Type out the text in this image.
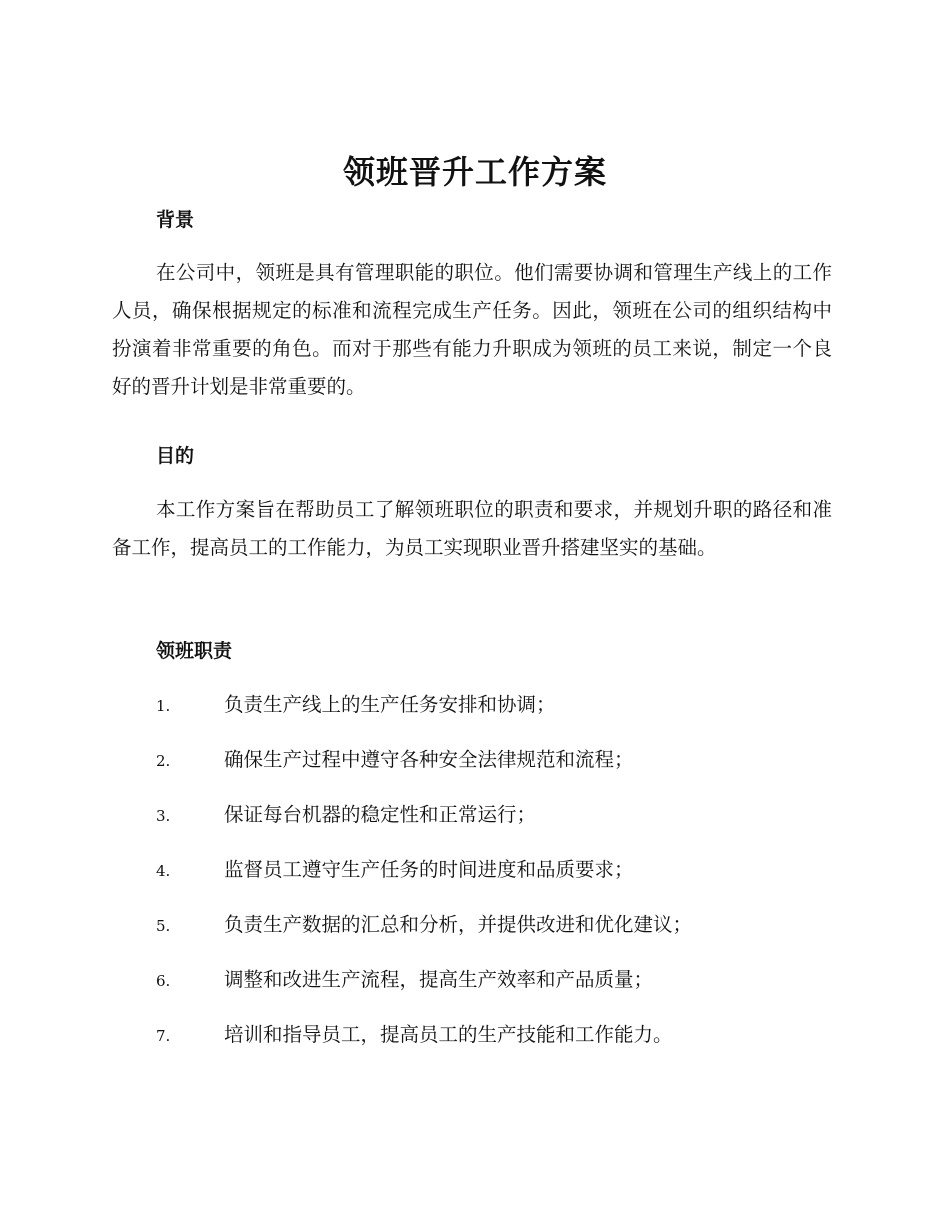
领班晋升工作方案
背景

在公司中，领班是具有管理职能的职位。他们需要协调和管理生产线上的工作人员，确保根据规定的标准和流程完成生产任务。因此，领班在公司的组织结构中扮演着非常重要的角色。而对于那些有能力升职成为领班的员工来说，制定一个良好的晋升计划是非常重要的。

目的

本工作方案旨在帮助员工了解领班职位的职责和要求，并规划升职的路径和准备工作，提高员工的工作能力，为员工实现职业晋升搭建坚实的基础。

领班职责
1.	负责生产线上的生产任务安排和协调；
2.	确保生产过程中遵守各种安全法律规范和流程；
3.	保证每台机器的稳定性和正常运行；
4.	监督员工遵守生产任务的时间进度和品质要求；
5.	负责生产数据的汇总和分析，并提供改进和优化建议；
6.	调整和改进生产流程，提高生产效率和产品质量；
7.	培训和指导员工，提高员工的生产技能和工作能力。
